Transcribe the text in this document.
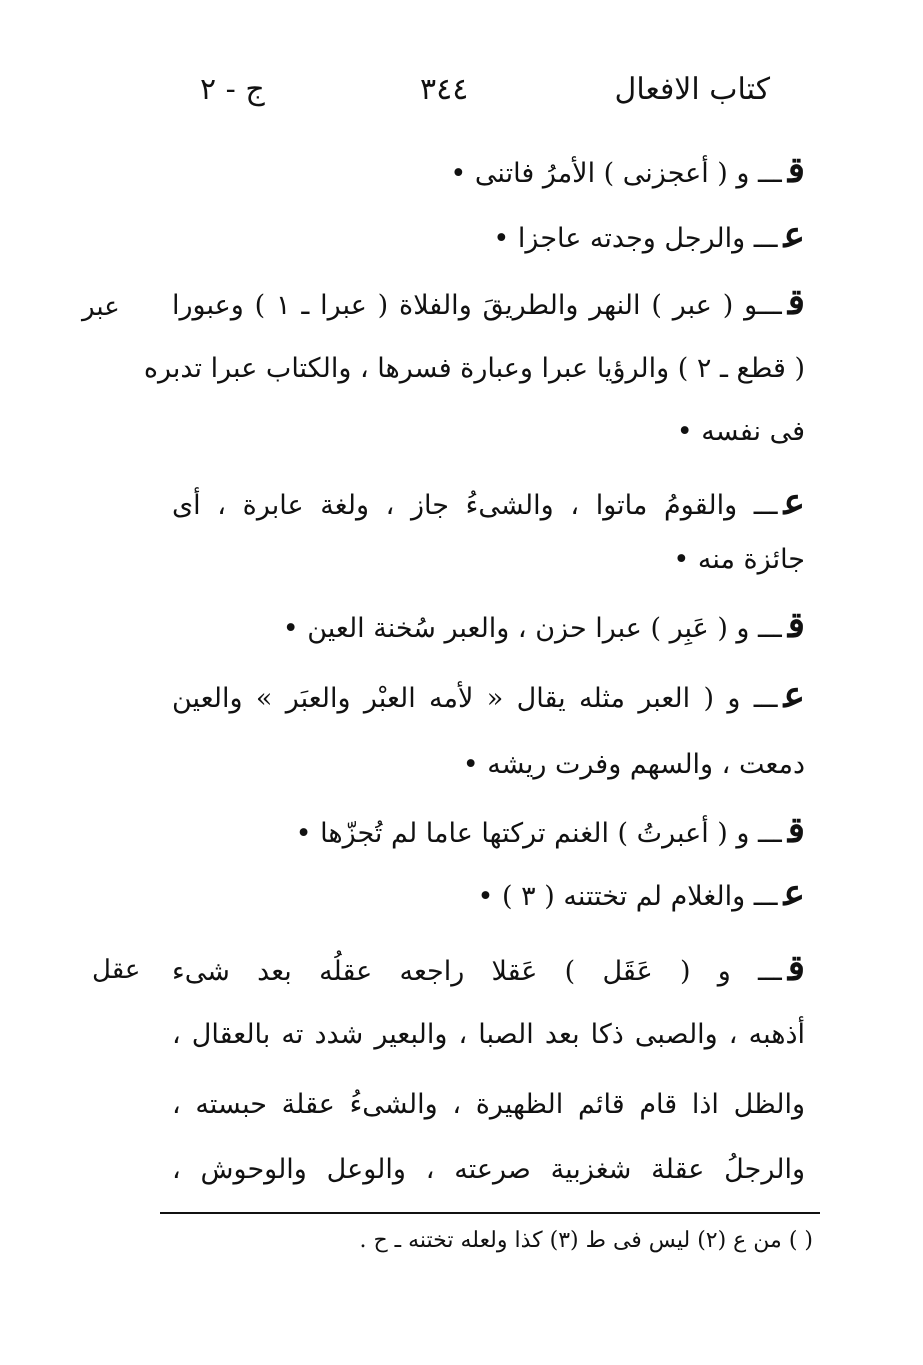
كتاب الافعال
٣٤٤
ج - ٢
قـــ و ( أعجزنى ) الأمرُ فاتنى •
عـــ والرجل وجدته عاجزا •
قـــو ( عبر ) النهر والطريقَ والفلاة ( عبرا ـ ١ ) وعبورا
( قطع ـ ٢ ) والرؤيا عبرا وعبارة فسرها ، والكتاب عبرا تدبره
فى نفسه •
عـــ والقومُ ماتوا ، والشىءُ جاز ، ولغة عابرة ، أى
جائزة منه •
قـــ و ( عَبِر ) عبرا حزن ، والعبر سُخنة العين •
عـــ و ( العبر مثله يقال « لأمه العبْر والعبَر » والعين
دمعت ، والسهم وفرت ريشه •
قـــ و ( أعبرتُ ) الغنم تركتها عاما لم تُجزّها •
عـــ والغلام لم تختتنه ( ٣ ) •
قـــ و ( عَقَل ) عَقلا راجعه عقلُه بعد شىء
أذهبه ، والصبى ذكا بعد الصبا ، والبعير شدد ته بالعقال ،
والظل اذا قام قائم الظهيرة ، والشىءُ عقلة حبسته ،
والرجلُ عقلة شغزبية صرعته ، والوعل والوحوش ،
عبر
عقل
( ) من ع (٢) ليس فى ط (٣) كذا ولعله تختنه ـ ح .
